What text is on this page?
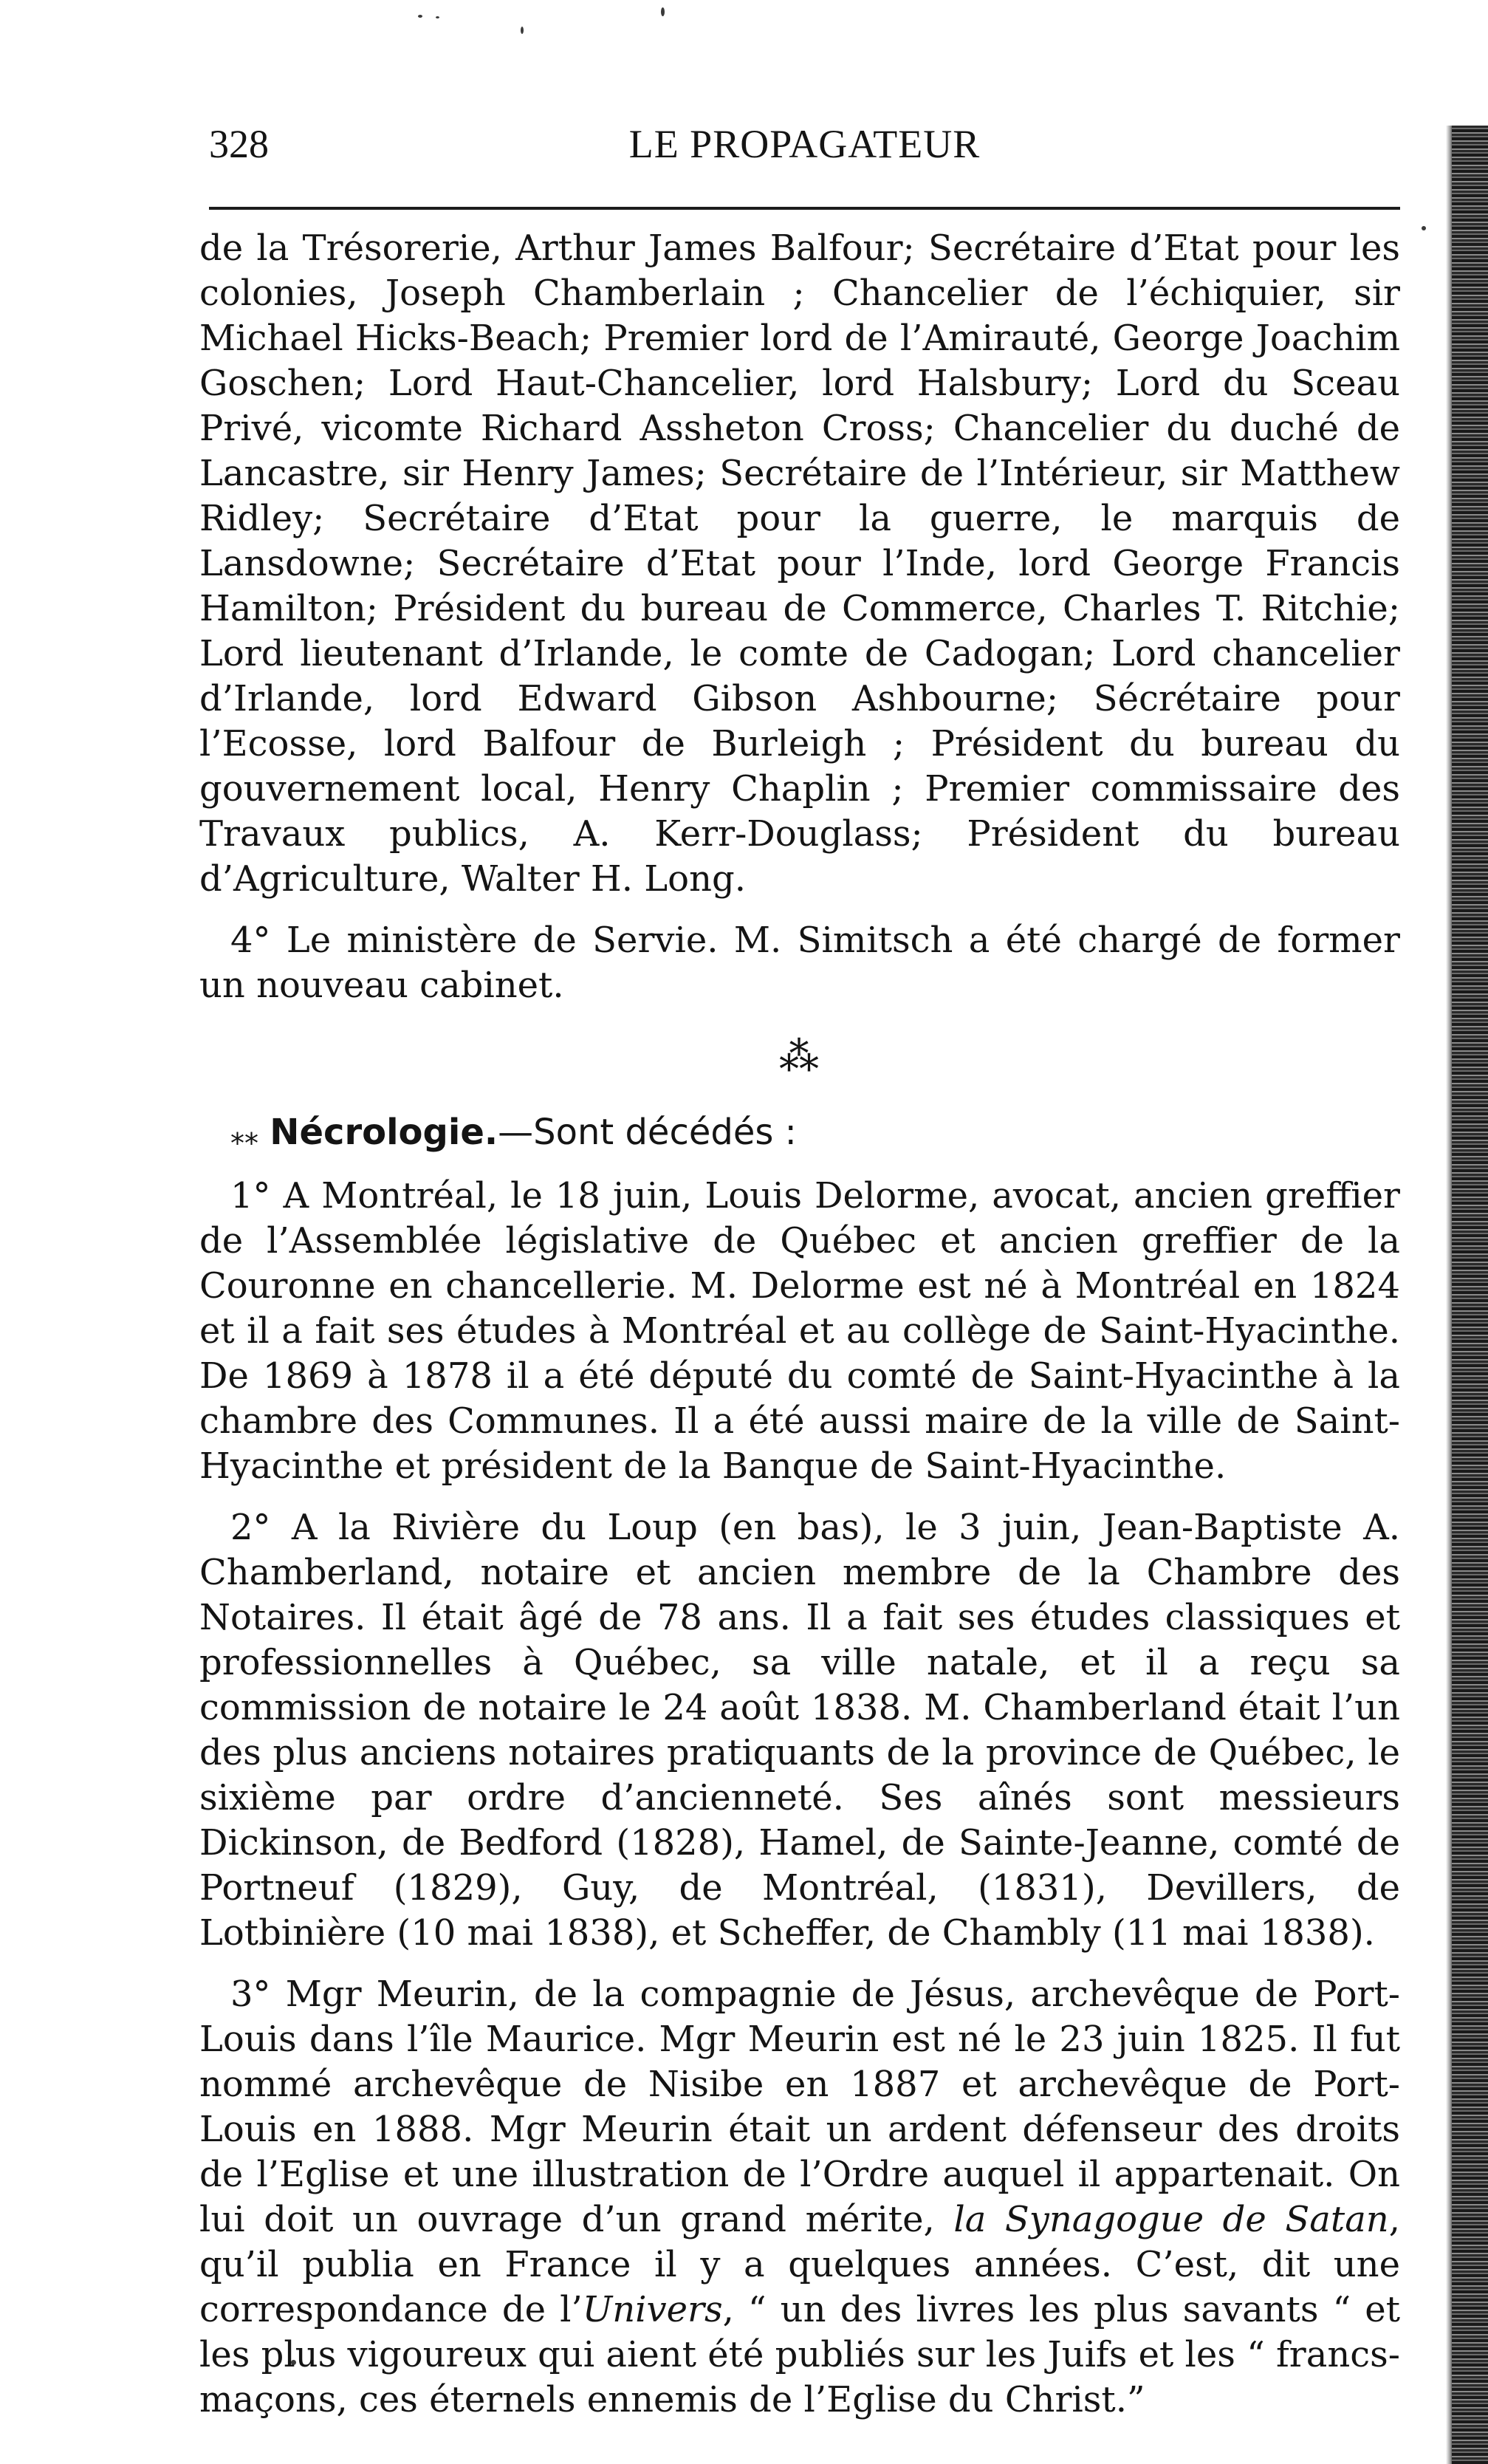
328	LE PROPAGATEUR

de la Trésorerie, Arthur James Balfour; Secrétaire d’Etat pour les colonies, Joseph Chamberlain ; Chancelier de l’échiquier, sir Michael Hicks-Beach; Premier lord de l’Amirauté, George Joachim Goschen; Lord Haut-Chancelier, lord Halsbury; Lord du Sceau Privé, vicomte Richard Assheton Cross; Chancelier du duché de Lancastre, sir Henry James; Secrétaire de l’Intérieur, sir Matthew Ridley; Secrétaire d’Etat pour la guerre, le marquis de Lansdowne; Secrétaire d’Etat pour l’Inde, lord George Francis Hamilton; Président du bureau de Commerce, Charles T. Ritchie; Lord lieutenant d’Irlande, le comte de Cadogan; Lord chancelier d’Irlande, lord Edward Gibson Ashbourne; Sécrétaire pour l’Ecosse, lord Balfour de Burleigh ; Président du bureau du gouvernement local, Henry Chaplin ; Premier commissaire des Travaux publics, A. Kerr-Douglass; Président du bureau d’Agriculture, Walter H. Long.

4° Le ministère de Servie. M. Simitsch a été chargé de former un nouveau cabinet.

⁂

⁎⁎ Nécrologie.—Sont décédés :

1° A Montréal, le 18 juin, Louis Delorme, avocat, ancien greffier de l’Assemblée législative de Québec et ancien greffier de la Couronne en chancellerie. M. Delorme est né à Montréal en 1824 et il a fait ses études à Montréal et au collège de Saint-Hyacinthe. De 1869 à 1878 il a été député du comté de Saint-Hyacinthe à la chambre des Communes. Il a été aussi maire de la ville de Saint-Hyacinthe et président de la Banque de Saint-Hyacinthe.

2° A la Rivière du Loup (en bas), le 3 juin, Jean-Baptiste A. Chamberland, notaire et ancien membre de la Chambre des Notaires. Il était âgé de 78 ans. Il a fait ses études classiques et professionnelles à Québec, sa ville natale, et il a reçu sa commission de notaire le 24 août 1838. M. Chamberland était l’un des plus anciens notaires pratiquants de la province de Québec, le sixième par ordre d’ancienneté. Ses aînés sont messieurs Dickinson, de Bedford (1828), Hamel, de Sainte-Jeanne, comté de Portneuf (1829), Guy, de Montréal, (1831), Devillers, de Lotbinière (10 mai 1838), et Scheffer, de Chambly (11 mai 1838).

3° Mgr Meurin, de la compagnie de Jésus, archevêque de Port-Louis dans l’île Maurice. Mgr Meurin est né le 23 juin 1825. Il fut nommé archevêque de Nisibe en 1887 et archevêque de Port-Louis en 1888. Mgr Meurin était un ardent défenseur des droits de l’Eglise et une illustration de l’Ordre auquel il appartenait. On lui doit un ouvrage d’un grand mérite, la Synagogue de Satan, qu’il publia en France il y a quelques années. C’est, dit une correspondance de l’Univers, “ un des livres les plus savants “ et les plus vigoureux qui aient été publiés sur les Juifs et les “ francs-maçons, ces éternels ennemis de l’Eglise du Christ.”
